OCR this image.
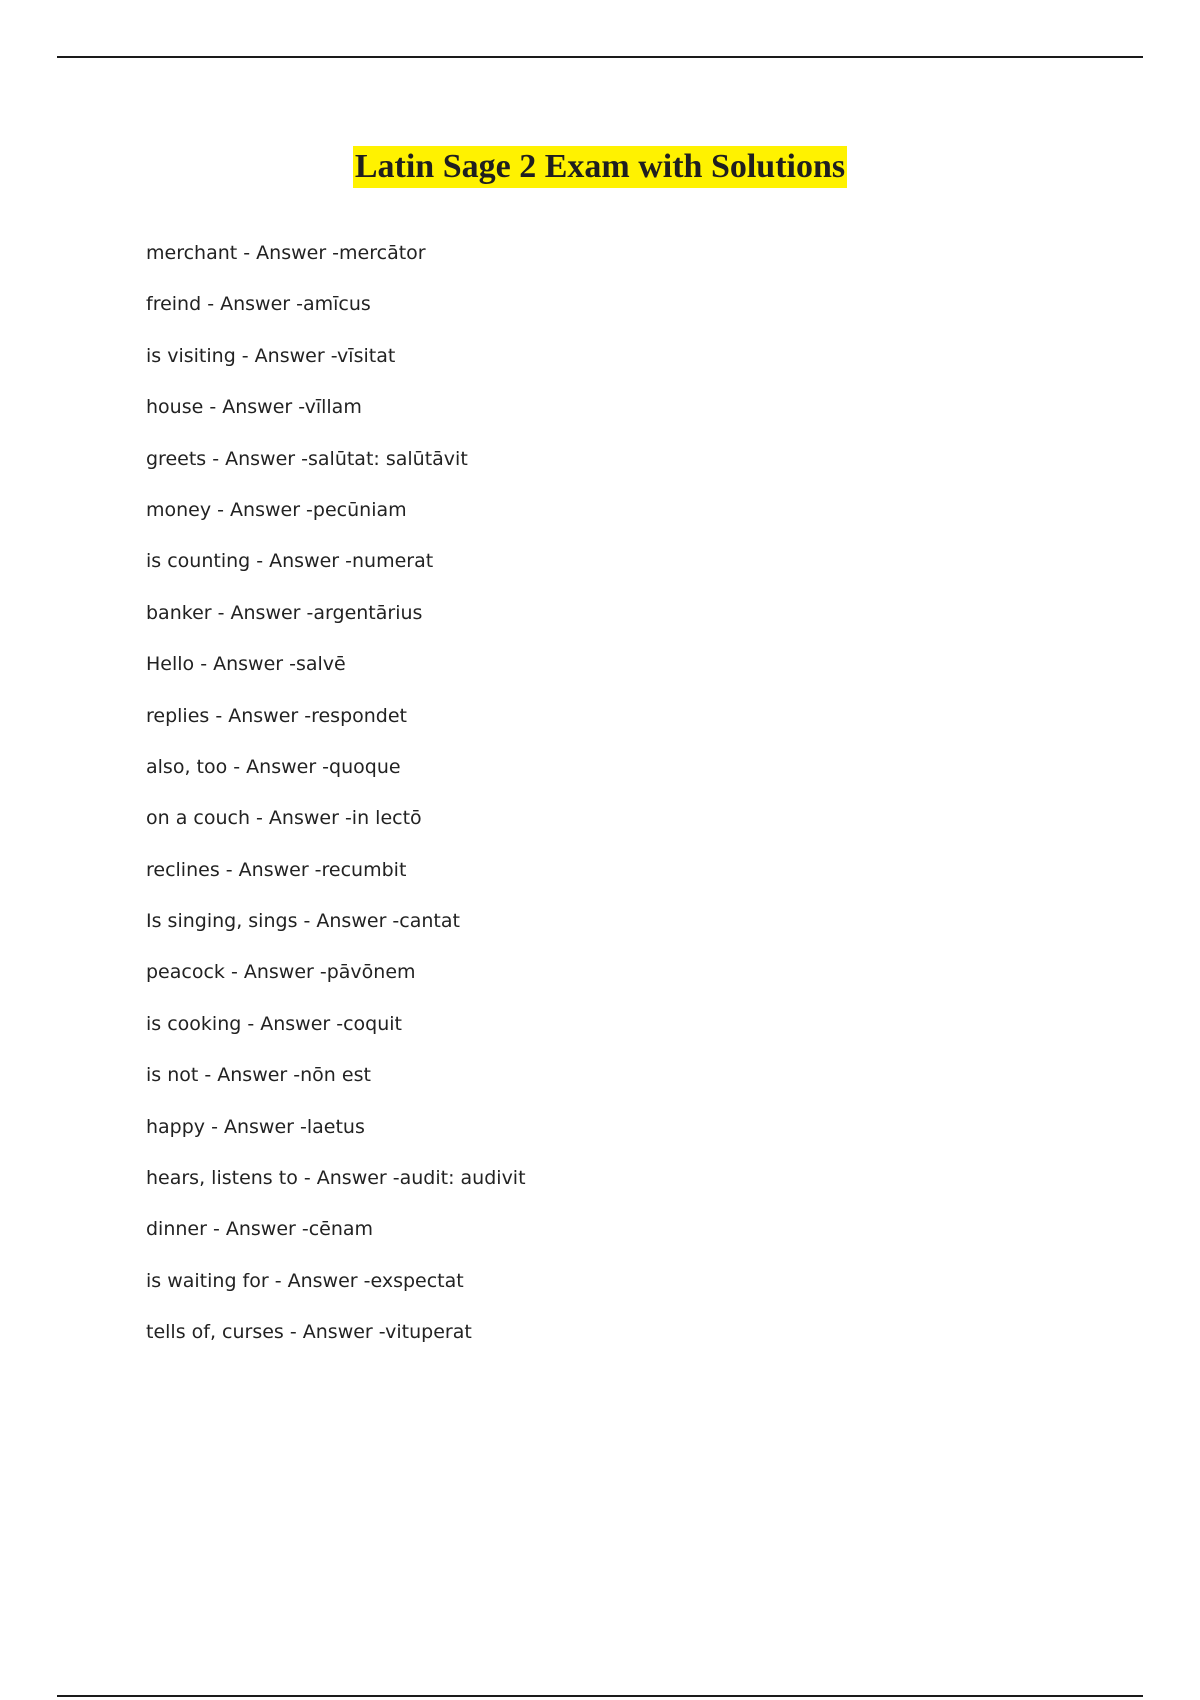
Latin Sage 2 Exam with Solutions
merchant - Answer -mercātor
freind - Answer -amīcus
is visiting - Answer -vīsitat
house - Answer -vīllam
greets - Answer -salūtat: salūtāvit
money - Answer -pecūniam
is counting - Answer -numerat
banker - Answer -argentārius
Hello - Answer -salvē
replies - Answer -respondet
also, too - Answer -quoque
on a couch - Answer -in lectō
reclines - Answer -recumbit
Is singing, sings - Answer -cantat
peacock - Answer -pāvōnem
is cooking - Answer -coquit
is not - Answer -nōn est
happy - Answer -laetus
hears, listens to - Answer -audit: audivit
dinner - Answer -cēnam
is waiting for - Answer -exspectat
tells of, curses - Answer -vituperat
